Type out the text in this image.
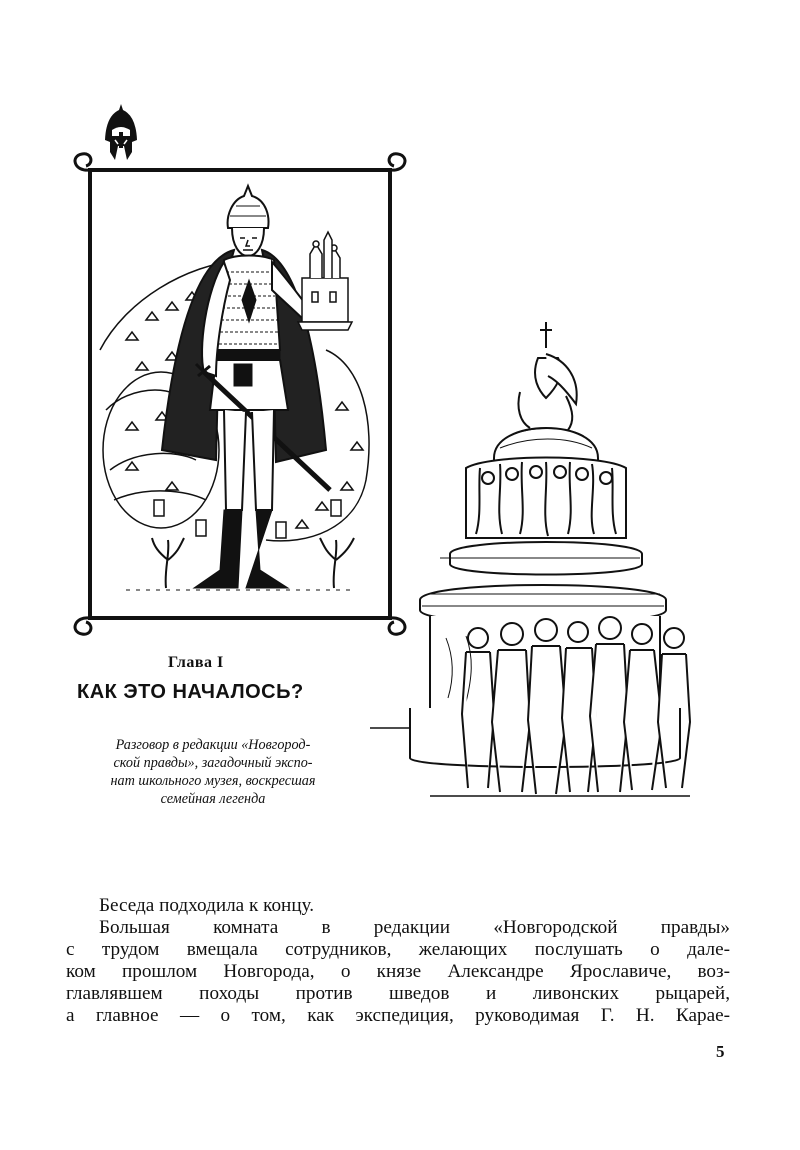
Глава I
КАК ЭТО НАЧАЛОСЬ?
Разговор в редакции «Новгород-
ской правды», загадочный экспо-
нат школьного музея, воскресшая
семейная легенда
Беседа подходила к концу.
Большая комната в редакции «Новгородской правды»
с трудом вмещала сотрудников, желающих послушать о дале-
ком прошлом Новгорода, о князе Александре Ярославиче, воз-
главлявшем походы против шведов и ливонских рыцарей,
а главное — о том, как экспедиция, руководимая Г. Н. Карае-
5
